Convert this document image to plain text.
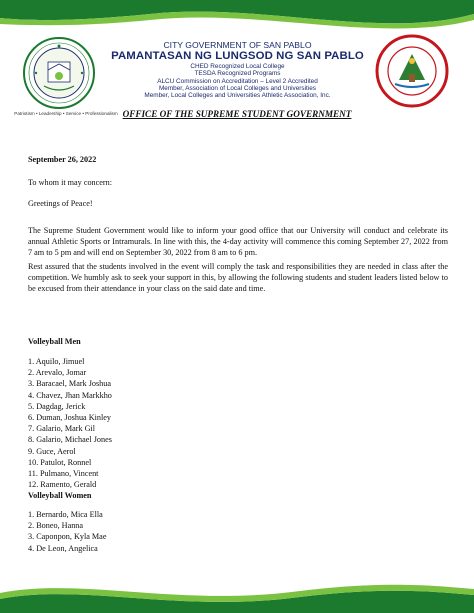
Patriotism • Leadership • Service • Professionalism
CITY GOVERNMENT OF SAN PABLO
PAMANTASAN NG LUNGSOD NG SAN PABLO
CHED Recognized Local College
TESDA Recognized Programs
ALCU Commission on Accreditation – Level 2 Accredited
Member, Association of Local Colleges and Universities
Member, Local Colleges and Universities Athletic Association, Inc.
OFFICE OF THE SUPREME STUDENT GOVERNMENT
September 26, 2022
To whom it may concern:
Greetings of Peace!
The Supreme Student Government would like to inform your good office that our University will conduct and celebrate its annual Athletic Sports or Intramurals. In line with this, the 4-day activity will commence this coming September 27, 2022 from 7 am to 5 pm and will end on September 30, 2022 from 8 am to 6 pm.
Rest assured that the students involved in the event will comply the task and responsibilities they are needed in class after the competition. We humbly ask to seek your support in this, by allowing the following students and student leaders listed below to be excused from their attendance in your class on the said date and time.
Volleyball Men
1. Aquilo, Jimuel
2. Arevalo, Jomar
3. Baracael, Mark Joshua
4. Chavez, Jhan Markkho
5. Dagdag, Jerick
6. Duman, Joshua Kinley
7. Galario, Mark Gil
8. Galario, Michael Jones
9. Guce, Aerol
10. Patulot, Ronnel
11. Pulmano, Vincent
12. Ramento, Gerald
Volleyball Women
1. Bernardo, Mica Ella
2. Boneo, Hanna
3. Caponpon, Kyla Mae
4. De Leon, Angelica
